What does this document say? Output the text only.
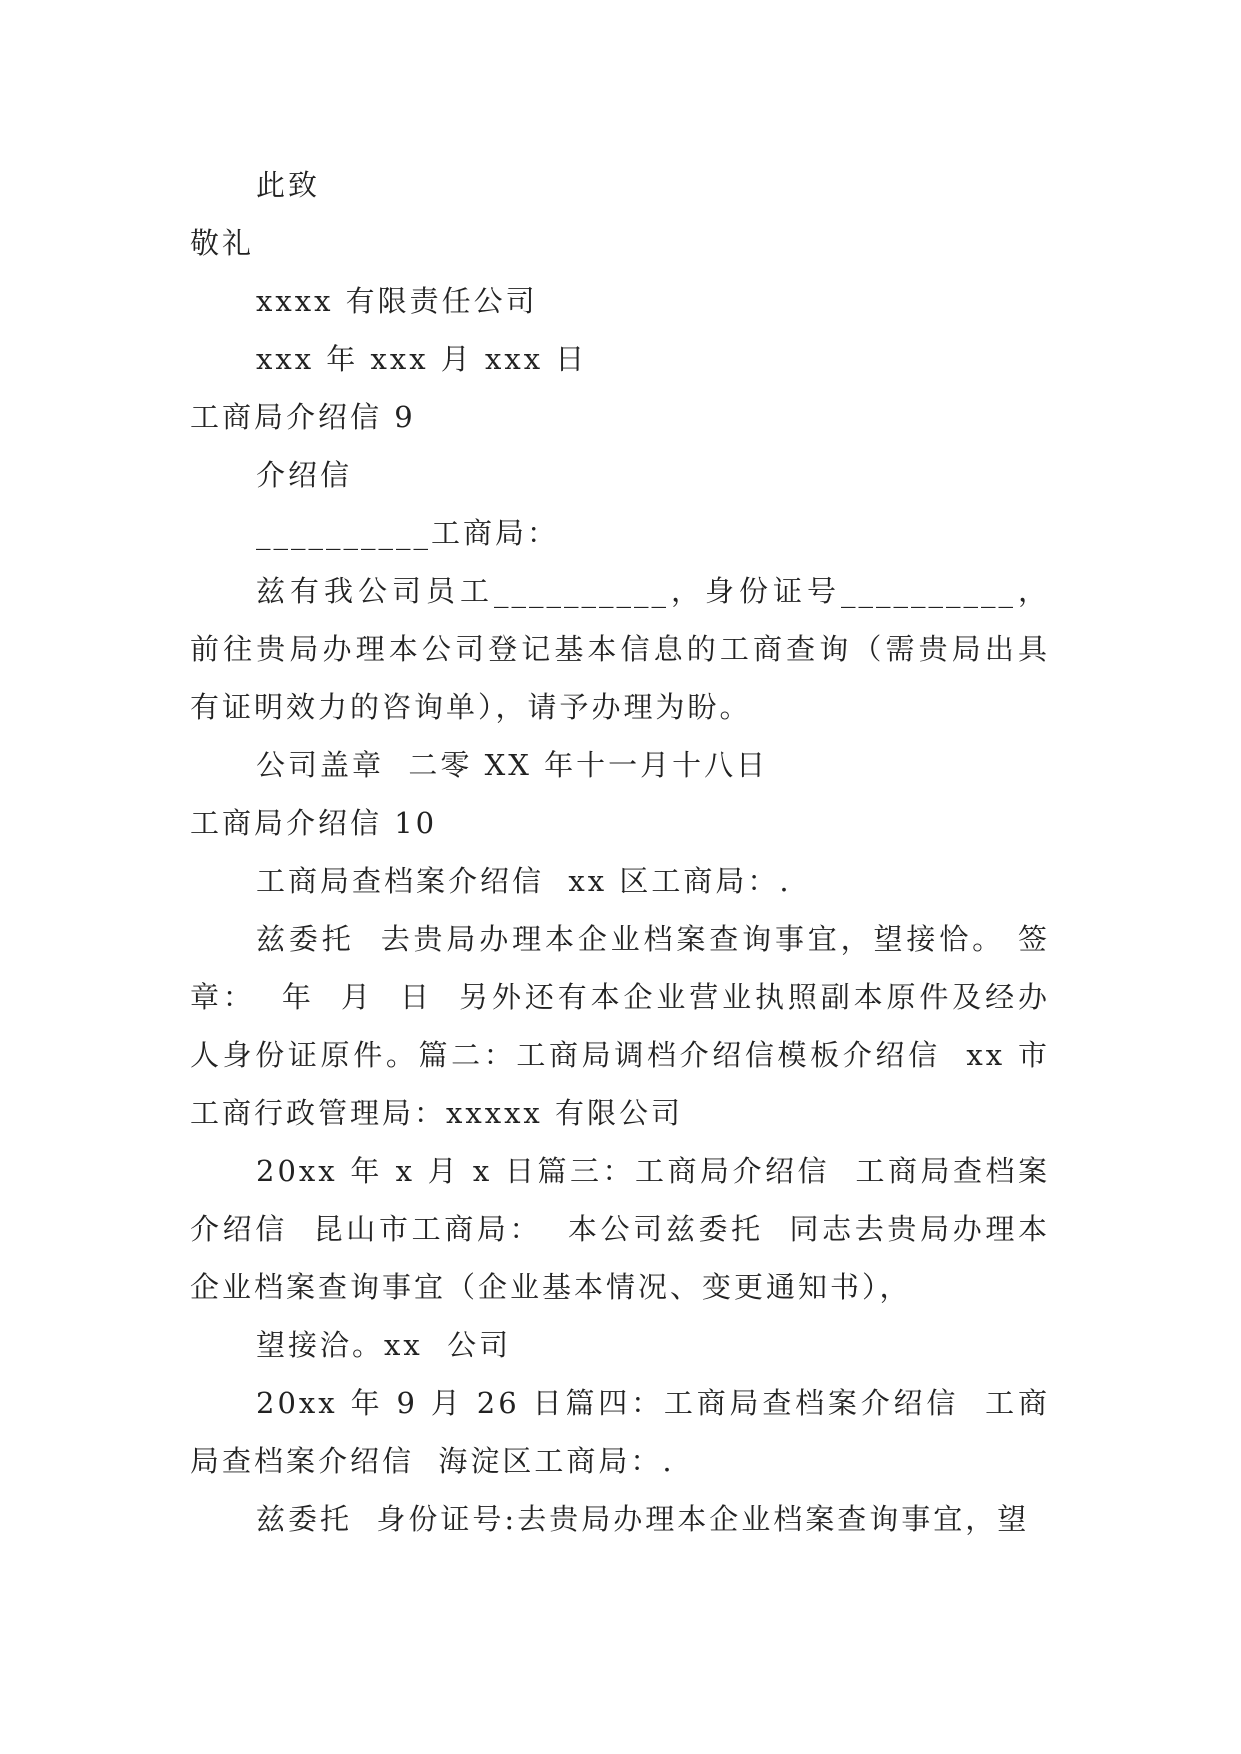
此致

敬礼

xxxx 有限责任公司

xxx 年 xxx 月 xxx 日

工商局介绍信 9

介绍信

__________工商局：

兹有我公司员工__________，身份证号__________，前往贵局办理本公司登记基本信息的工商查询（需贵局出具有证明效力的咨询单），请予办理为盼。

公司盖章  二零 XX 年十一月十八日

工商局介绍信 10

工商局查档案介绍信  xx 区工商局：.

兹委托  去贵局办理本企业档案查询事宜，望接恰。 签章：  年  月  日  另外还有本企业营业执照副本原件及经办人身份证原件。篇二：工商局调档介绍信模板介绍信  xx 市工商行政管理局：xxxxx 有限公司

20xx 年 x 月 x 日篇三：工商局介绍信  工商局查档案介绍信  昆山市工商局：  本公司兹委托  同志去贵局办理本企业档案查询事宜（企业基本情况、变更通知书），

望接洽。xx  公司

20xx 年 9 月 26 日篇四：工商局查档案介绍信  工商局查档案介绍信  海淀区工商局：.

兹委托  身份证号:去贵局办理本企业档案查询事宜，望
